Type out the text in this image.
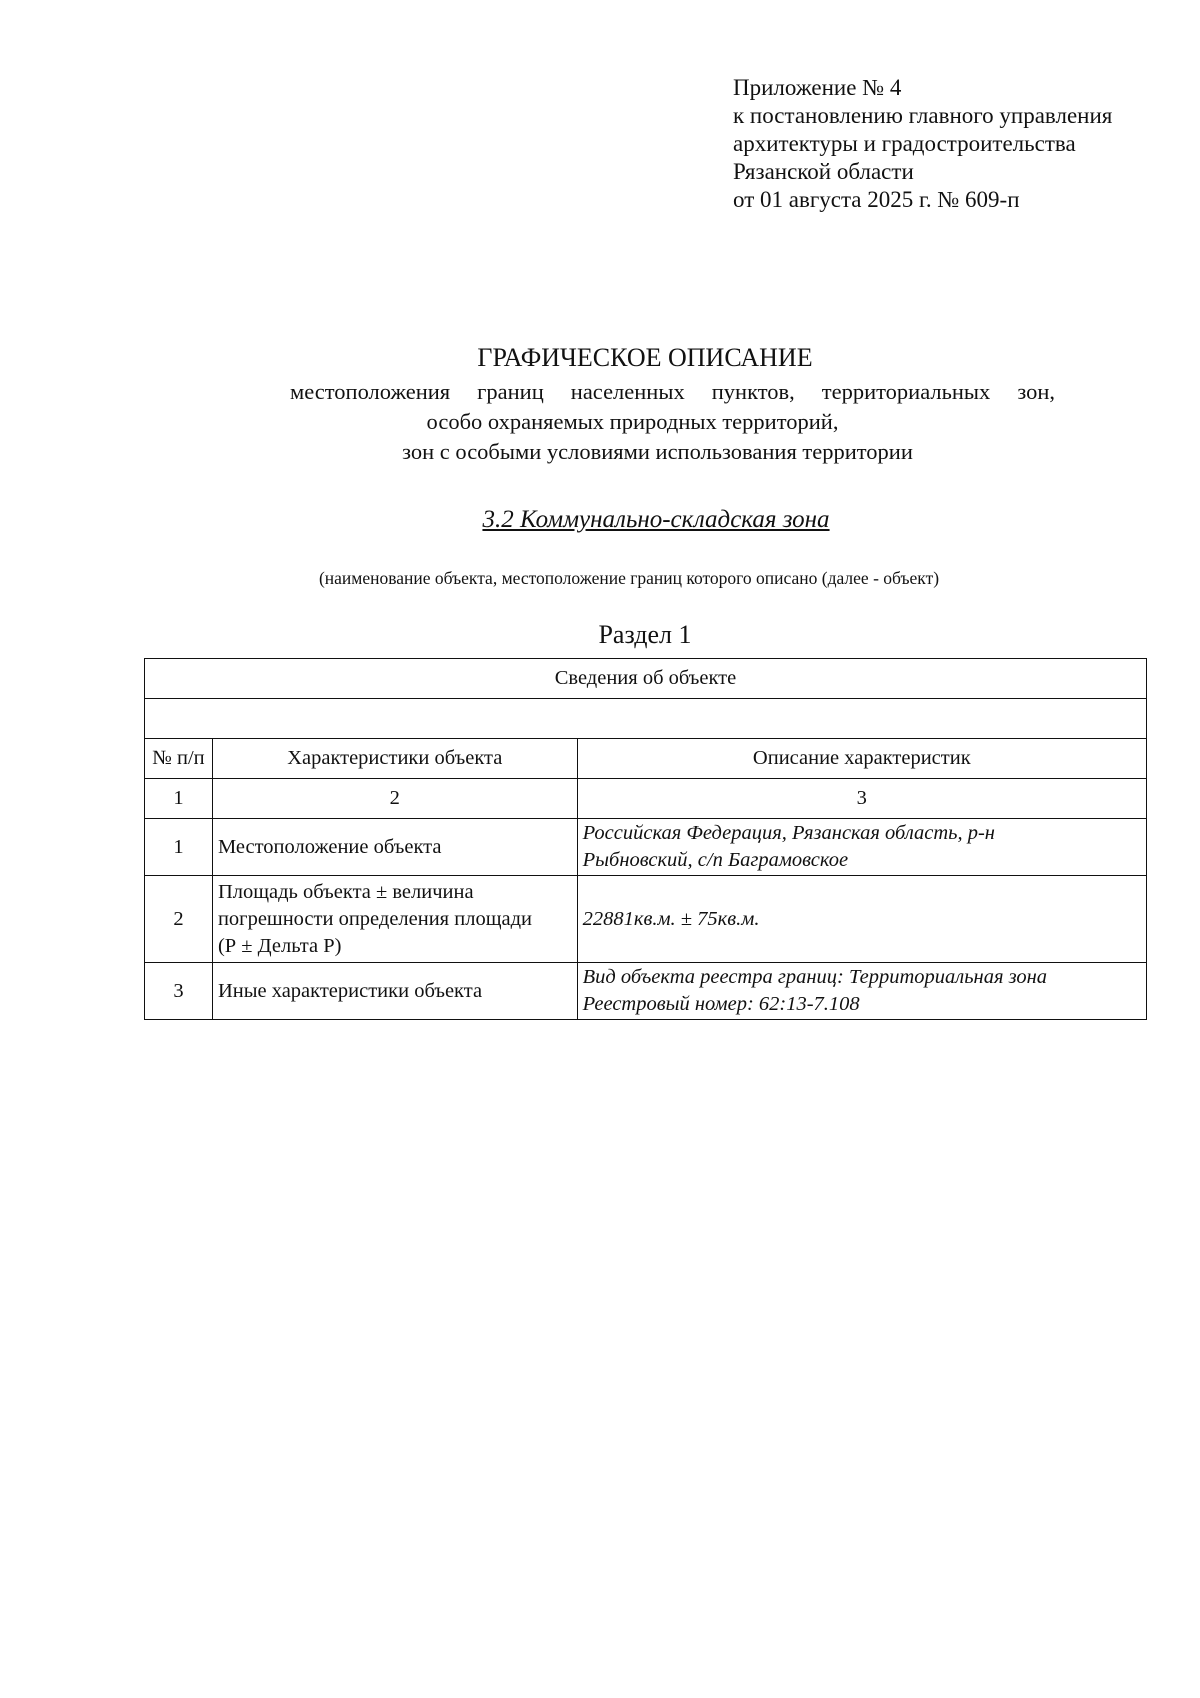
Приложение № 4
к постановлению главного управления
архитектуры и градостроительства
Рязанской области
от 01 августа 2025 г. № 609-п
ГРАФИЧЕСКОЕ ОПИСАНИЕ
местоположения границ населенных пунктов, территориальных зон,
особо охраняемых природных территорий,
зон с особыми условиями использования территории
3.2 Коммунально-складская зона
(наименование объекта, местоположение границ которого описано (далее - объект)
Раздел 1
Сведения об объекте		

№ п/п	Характеристики объекта	Описание характеристик
1	2	3
1	Местоположение объекта	Российская Федерация, Рязанская область, р-н
Рыбновский, с/п Баграмовское

2	Площадь объекта ± величина
погрешности определения площади
(Р ± Дельта Р)	22881кв.м. ± 75кв.м.
3	Иные характеристики объекта	Вид объекта реестра границ: Территориальная зона
Реестровый номер: 62:13-7.108
